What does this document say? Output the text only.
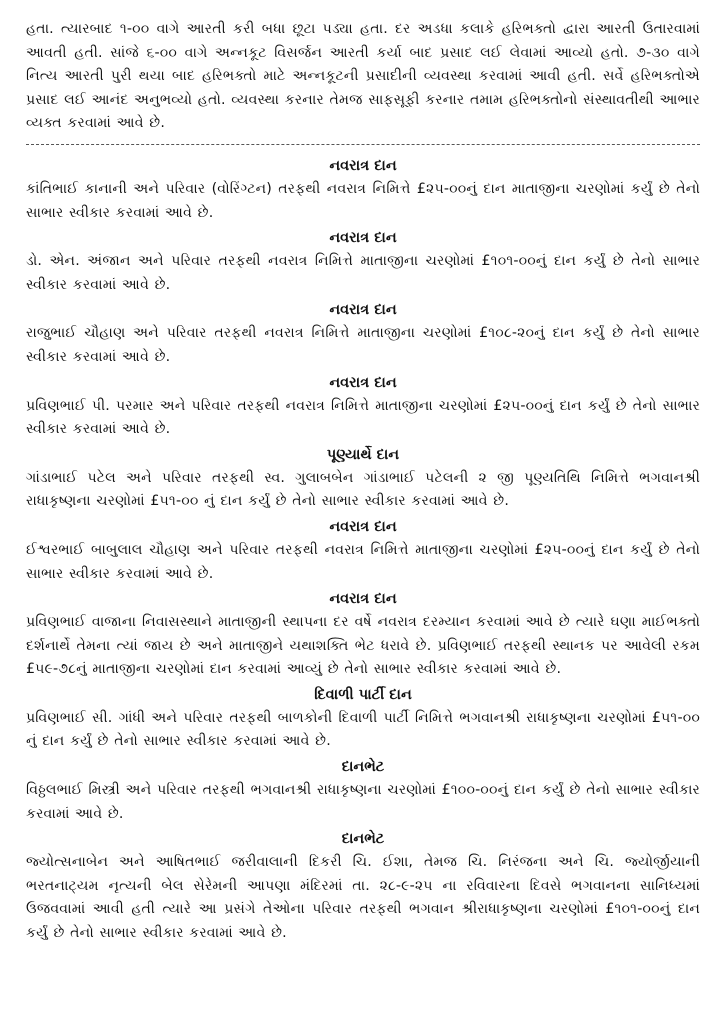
હતા. ત્યારબાદ ૧-૦૦ વાગે આરતી કરી બધા છૂટા પડ્યા હતા. દર અડધા કલાકે હરિભક્તો દ્વારા આરતી ઉતારવામાં આવતી હતી. સાંજે ૬-૦૦ વાગે અન્નકૂટ વિસર્જન આરતી કર્યા બાદ પ્રસાદ લઈ લેવામાં આવ્યો હતો. ૭-૩૦ વાગે નિત્ય આરતી પુરી થયા બાદ હરિભક્તો માટે અન્નકૂટની પ્રસાદીની વ્યવસ્થા કરવામાં આવી હતી. સર્વે હરિભક્તોએ પ્રસાદ લઈ આનંદ અનુભવ્યો હતો. વ્યવસ્થા કરનાર તેમજ સાફસૂફી કરનાર તમામ હરિભક્તોનો સંસ્થાવતીથી આભાર વ્યક્ત કરવામાં આવે છે.

નવરાત્ર દાન

કાંતિભાઈ કાનાની અને પરિવાર (વોરિંગ્ટન) તરફથી નવરાત્ર નિમિત્તે £૨૫-૦૦નું દાન માતાજીના ચરણોમાં કર્યું છે તેનો સાભાર સ્વીકાર કરવામાં આવે છે.

નવરાત્ર દાન

ડો. એન. અંજાન અને પરિવાર તરફથી નવરાત્ર નિમિત્તે માતાજીના ચરણોમાં £૧૦૧-૦૦નું દાન કર્યું છે તેનો સાભાર સ્વીકાર કરવામાં આવે છે.

નવરાત્ર દાન

રાજુભાઈ ચૌહાણ અને પરિવાર તરફથી નવરાત્ર નિમિત્તે માતાજીના ચરણોમાં £૧૦૮-૨૦નું દાન કર્યું છે તેનો સાભાર સ્વીકાર કરવામાં આવે છે.

નવરાત્ર દાન

પ્રવિણભાઈ પી. પરમાર અને પરિવાર તરફથી નવરાત્ર નિમિત્તે માતાજીના ચરણોમાં £૨૫-૦૦નું દાન કર્યું છે તેનો સાભાર સ્વીકાર કરવામાં આવે છે.

પૂણ્યાર્થે દાન

ગાંડાભાઈ પટેલ અને પરિવાર તરફથી સ્વ. ગુલાબબેન ગાંડાભાઈ પટેલની ૨ જી પૂણ્યતિથિ નિમિત્તે ભગવાનશ્રી રાધાકૃષ્ણના ચરણોમાં £૫૧-૦૦ નું દાન કર્યું છે તેનો સાભાર સ્વીકાર કરવામાં આવે છે.

નવરાત્ર દાન

ઈશ્વરભાઈ બાબુલાલ ચૌહાણ અને પરિવાર તરફથી નવરાત્ર નિમિત્તે માતાજીના ચરણોમાં £૨૫-૦૦નું દાન કર્યું છે તેનો સાભાર સ્વીકાર કરવામાં આવે છે.

નવરાત્ર દાન

પ્રવિણભાઈ વાજાના નિવાસસ્થાને માતાજીની સ્થાપના દર વર્ષે નવરાત્ર દરમ્યાન કરવામાં આવે છે ત્યારે ઘણા માઈભક્તો દર્શનાર્થે તેમના ત્યાં જાય છે અને માતાજીને યથાશક્તિ ભેટ ધરાવે છે. પ્રવિણભાઈ તરફથી સ્થાનક પર આવેલી રકમ £૫૯-૭૮નું માતાજીના ચરણોમાં દાન કરવામાં આવ્યું છે તેનો સાભાર સ્વીકાર કરવામાં આવે છે.

દિવાળી પાર્ટી દાન

પ્રવિણભાઈ સી. ગાંધી અને પરિવાર તરફથી બાળકોની દિવાળી પાર્ટી નિમિત્તે ભગવાનશ્રી રાધાકૃષ્ણના ચરણોમાં £૫૧-૦૦ નું દાન કર્યું છે તેનો સાભાર સ્વીકાર કરવામાં આવે છે.

દાનભેટ

વિઠ્ઠલભાઈ મિસ્ત્રી અને પરિવાર તરફથી ભગવાનશ્રી રાધાકૃષ્ણના ચરણોમાં £૧૦૦-૦૦નું દાન કર્યું છે તેનો સાભાર સ્વીકાર કરવામાં આવે છે.

દાનભેટ

જ્યોત્સનાબેન અને આષિતભાઈ જરીવાલાની દિકરી ચિ. ઈશા, તેમજ ચિ. નિરંજના અને ચિ. જ્યોર્જીયાની ભરતનાટ્યમ નૃત્યની બેલ સેરેમની આપણા મંદિરમાં તા. ૨૮-૯-૨૫ ના રવિવારના દિવસે ભગવાનના સાનિધ્યમાં ઉજવવામાં આવી હતી ત્યારે આ પ્રસંગે તેઓના પરિવાર તરફથી ભગવાન શ્રીરાધાકૃષ્ણના ચરણોમાં £૧૦૧-૦૦નું દાન કર્યું છે તેનો સાભાર સ્વીકાર કરવામાં આવે છે.
